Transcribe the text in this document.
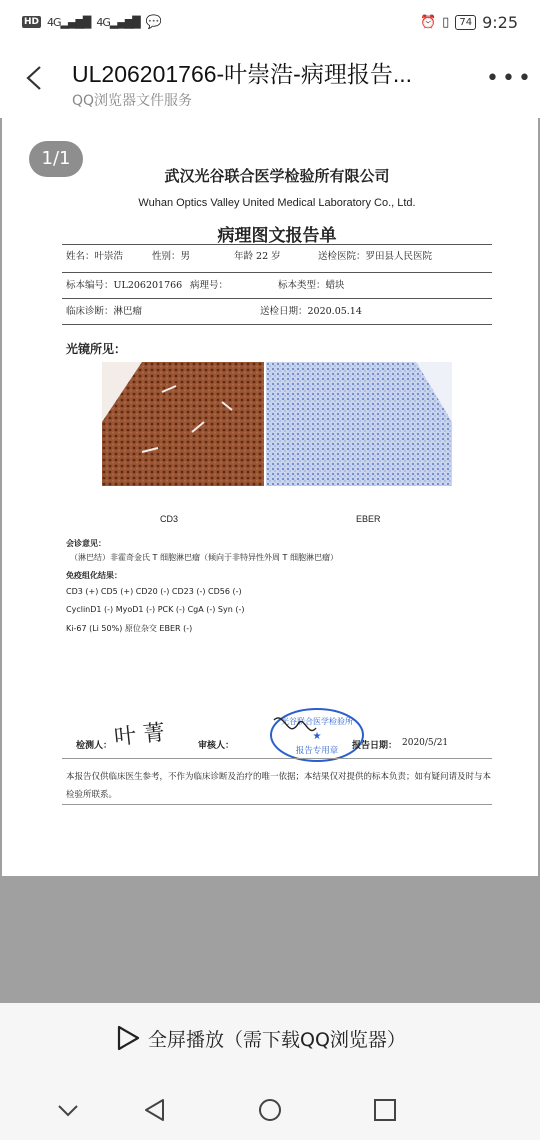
HD 4G▂▄▆█ 4G▂▄▆█ 💬	⏰ ▯	74 9:25
UL206201766-叶崇浩-病理报告...
QQ浏览器文件服务
•••
1/1
武汉光谷联合医学检验所有限公司
Wuhan Optics Valley United Medical Laboratory Co., Ltd.
病理图文报告单
姓名：叶崇浩	性别：男	年龄 22 岁	送检医院：罗田县人民医院
标本编号：UL206201766 病理号：	标本类型：蜡块
临床诊断：淋巴瘤	送检日期：2020.05.14
光镜所见：
CD3	EBER
会诊意见：
（淋巴结）非霍奇金氏 T 细胞淋巴瘤（倾向于非特异性外周 T 细胞淋巴瘤）
免疫组化结果：
CD3 (+) CD5 (+) CD20 (-) CD23 (-) CD56 (-)
CyclinD1 (-) MyoD1 (-) PCK (-) CgA (-) Syn (-)
Ki-67 (Li 50%) 原位杂交 EBER (-)
检测人： 叶 菁	审核人：
光谷联合医学检验所
★
报告专用章 报告日期： 2020/5/21
本报告仅供临床医生参考，不作为临床诊断及治疗的唯一依据；本结果仅对提供的标本负责；如有疑问请及时与本检验所联系。
全屏播放（需下载QQ浏览器）
